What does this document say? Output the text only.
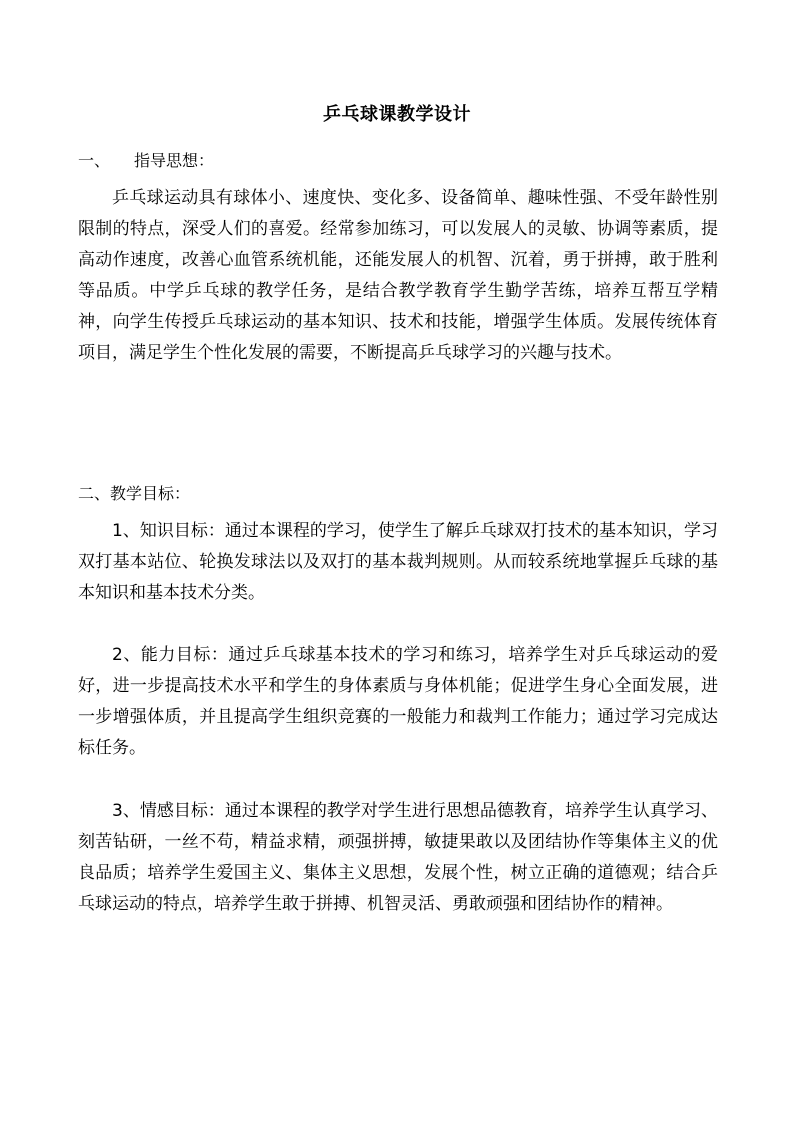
乒乓球课教学设计
一、 指导思想：

乒乓球运动具有球体小、速度快、变化多、设备简单、趣味性强、不受年龄性别限制的特点，深受人们的喜爱。经常参加练习，可以发展人的灵敏、协调等素质，提高动作速度，改善心血管系统机能，还能发展人的机智、沉着，勇于拼搏，敢于胜利等品质。中学乒乓球的教学任务，是结合教学教育学生勤学苦练，培养互帮互学精神，向学生传授乒乓球运动的基本知识、技术和技能，增强学生体质。发展传统体育项目，满足学生个性化发展的需要，不断提高乒乓球学习的兴趣与技术。

二、教学目标：

1、知识目标：通过本课程的学习，使学生了解乒乓球双打技术的基本知识，学习双打基本站位、轮换发球法以及双打的基本裁判规则。从而较系统地掌握乒乓球的基本知识和基本技术分类。

2、能力目标：通过乒乓球基本技术的学习和练习，培养学生对乒乓球运动的爱好，进一步提高技术水平和学生的身体素质与身体机能；促进学生身心全面发展，进一步增强体质，并且提高学生组织竞赛的一般能力和裁判工作能力；通过学习完成达标任务。

3、情感目标：通过本课程的教学对学生进行思想品德教育，培养学生认真学习、刻苦钻研，一丝不苟，精益求精，顽强拼搏，敏捷果敢以及团结协作等集体主义的优良品质；培养学生爱国主义、集体主义思想，发展个性，树立正确的道德观；结合乒乓球运动的特点，培养学生敢于拼搏、机智灵活、勇敢顽强和团结协作的精神。
